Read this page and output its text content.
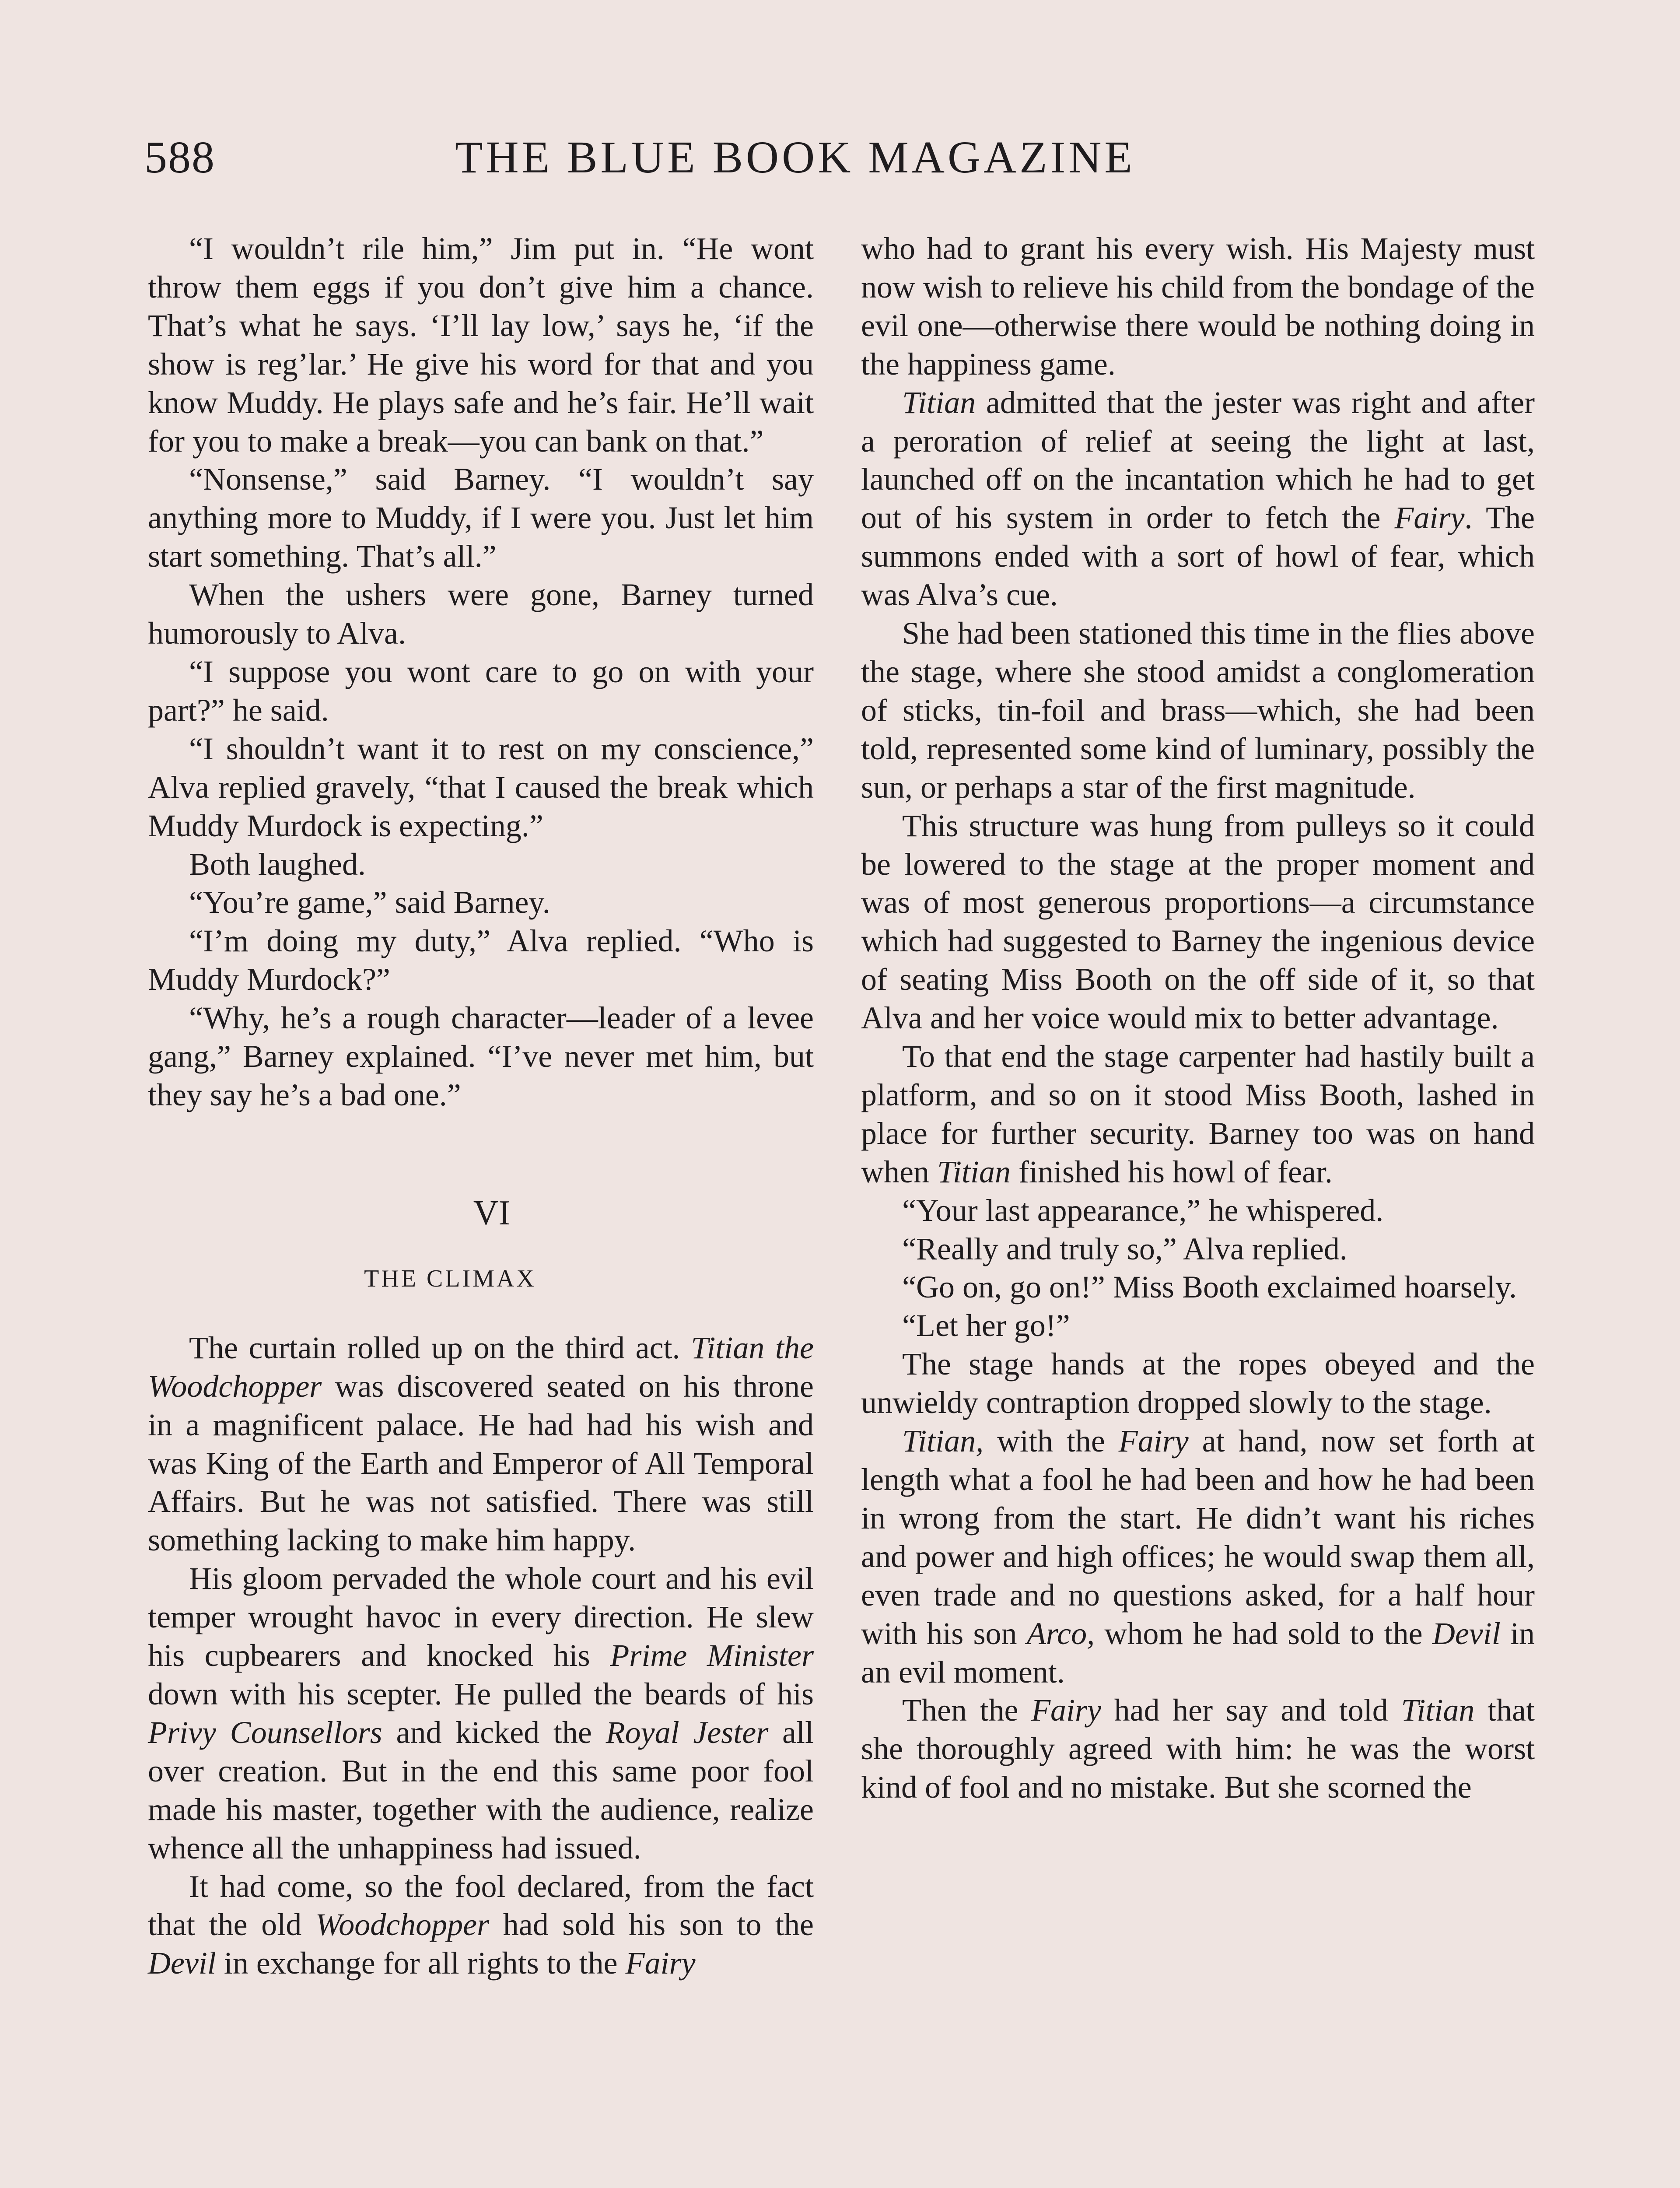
588	THE BLUE BOOK MAGAZINE

“I wouldn’t rile him,” Jim put in. “He wont throw them eggs if you don’t give him a chance. That’s what he says. ‘I’ll lay low,’ says he, ‘if the show is reg’lar.’ He give his word for that and you know Muddy. He plays safe and he’s fair. He’ll wait for you to make a break—you can bank on that.”

“Nonsense,” said Barney. “I wouldn’t say anything more to Muddy, if I were you. Just let him start something. That’s all.”

When the ushers were gone, Barney turned humorously to Alva.

“I suppose you wont care to go on with your part?” he said.

“I shouldn’t want it to rest on my conscience,” Alva replied gravely, “that I caused the break which Muddy Murdock is expecting.”

Both laughed.

“You’re game,” said Barney.

“I’m doing my duty,” Alva replied. “Who is Muddy Murdock?”

“Why, he’s a rough character—leader of a levee gang,” Barney explained. “I’ve never met him, but they say he’s a bad one.”

VI
THE CLIMAX

The curtain rolled up on the third act. Titian the Woodchopper was discovered seated on his throne in a magnificent palace. He had had his wish and was King of the Earth and Emperor of All Temporal Affairs. But he was not satisfied. There was still something lacking to make him happy.

His gloom pervaded the whole court and his evil temper wrought havoc in every direction. He slew his cupbearers and knocked his Prime Minister down with his scepter. He pulled the beards of his Privy Counsellors and kicked the Royal Jester all over creation. But in the end this same poor fool made his master, together with the audience, realize whence all the unhappiness had issued.

It had come, so the fool declared, from the fact that the old Woodchopper had sold his son to the Devil in exchange for all rights to the Fairy

who had to grant his every wish. His Majesty must now wish to relieve his child from the bondage of the evil one—otherwise there would be nothing doing in the happiness game.

Titian admitted that the jester was right and after a peroration of relief at seeing the light at last, launched off on the incantation which he had to get out of his system in order to fetch the Fairy. The summons ended with a sort of howl of fear, which was Alva’s cue.

She had been stationed this time in the flies above the stage, where she stood amidst a conglomeration of sticks, tin-foil and brass—which, she had been told, represented some kind of luminary, possibly the sun, or perhaps a star of the first magnitude.

This structure was hung from pulleys so it could be lowered to the stage at the proper moment and was of most generous proportions—a circumstance which had suggested to Barney the ingenious device of seating Miss Booth on the off side of it, so that Alva and her voice would mix to better advantage.

To that end the stage carpenter had hastily built a platform, and so on it stood Miss Booth, lashed in place for further security. Barney too was on hand when Titian finished his howl of fear.

“Your last appearance,” he whispered.

“Really and truly so,” Alva replied.

“Go on, go on!” Miss Booth exclaimed hoarsely.

“Let her go!”

The stage hands at the ropes obeyed and the unwieldy contraption dropped slowly to the stage.

Titian, with the Fairy at hand, now set forth at length what a fool he had been and how he had been in wrong from the start. He didn’t want his riches and power and high offices; he would swap them all, even trade and no questions asked, for a half hour with his son Arco, whom he had sold to the Devil in an evil moment.

Then the Fairy had her say and told Titian that she thoroughly agreed with him: he was the worst kind of fool and no mistake. But she scorned the
